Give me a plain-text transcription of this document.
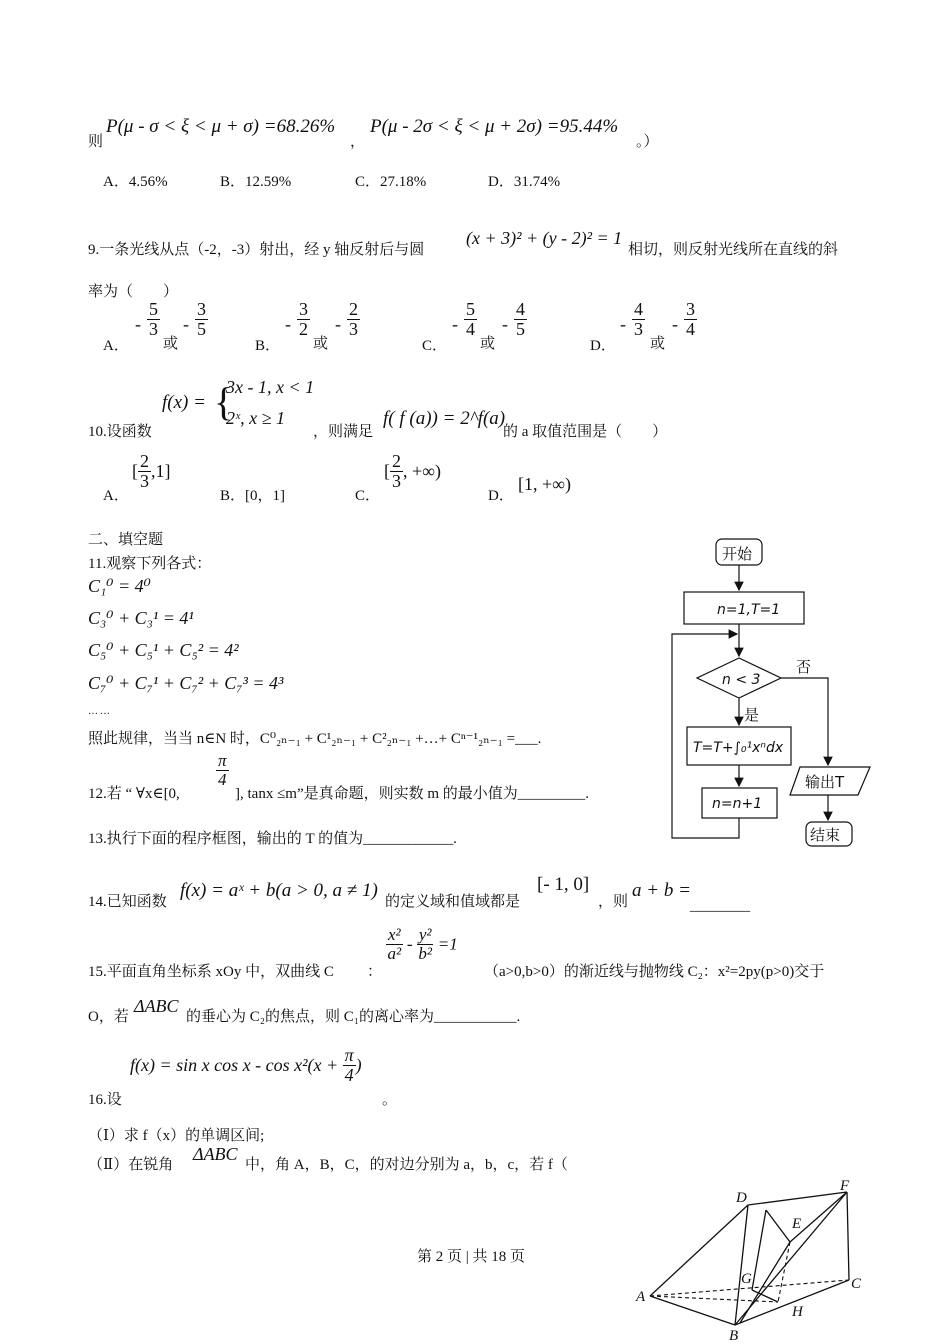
则
P(μ - σ < ξ < μ + σ) =68.26%
，
P(μ - 2σ < ξ < μ + 2σ) =95.44%
。）
A．4.56%	B．12.59%	C．27.18%	D．31.74%
9.一条光线从点（-2，-3）射出，经 y 轴反射后与圆
(x + 3)² + (y - 2)² = 1
相切，则反射光线所在直线的斜
率为（　　）
A．
- $\frac{5}{3}$
或
- $\frac{3}{5}$
B．
- $\frac{3}{2}$
或
- $\frac{2}{3}$
C．
- $\frac{5}{4}$
或
- $\frac{4}{5}$
D．
- $\frac{4}{3}$
或
- $\frac{3}{4}$
10.设函数
f(x) = {
3x - 1, x < 1
2ˣ, x ≥ 1
，则满足
f( f (a)) = 2^f(a)
的 a 取值范围是（　　）
A．
[ $\frac{2}{3} ,1$]
B．[0，1]	C．
[ $\frac{2}{3}$ , +∞)
D．
[1, +∞)
二、填空题
11.观察下列各式：
C₁⁰ = 4⁰
C₃⁰ + C₃¹ = 4¹
C₅⁰ + C₅¹ + C₅² = 4²
C₇⁰ + C₇¹ + C₇² + C₇³ = 4³
……
照此规律，当当 n∈N 时，C⁰₂ₙ₋₁ + C¹₂ₙ₋₁ + C²₂ₙ₋₁ +…+ Cⁿ⁻¹₂ₙ₋₁ =___.
12.若 “ ∀x∈[0,
$\frac{\pi}{4}$
], tanx ≤m”是真命题，则实数 m 的最小值为_________.
13.执行下面的程序框图，输出的 T 的值为____________.
14.已知函数
f(x) = aˣ + b(a > 0, a ≠ 1)
的定义域和值域都是
[- 1, 0]
，则
a + b =
________
15.平面直角坐标系 xOy 中，双曲线 C ：
$\frac{\text{x²}}{\text{a²}} - \frac{\text{y²}}{\text{b²}} =1$
（a>0,b>0）的渐近线与抛物线 C₂：x²=2py(p>0)交于
O，若
ΔABC
的垂心为 C₂的焦点，则 C₁的离心率为___________.
16.设
f(x) = sin x $\cos x - \cos x^2(x + \frac{\pi}{4}$ )
。
（Ⅰ）求 f（x）的单调区间;
（Ⅱ）在锐角
ΔABC
中，角 A，B，C，的对边分别为 a，b，c，若 f（
第 2 页 | 共 18 页
开始
n=1,T=1
n < 3
否
是
T=T+∫₀¹xⁿdx
n=n+1
输出T
结束
D
F
E
G	C
A
H
B
